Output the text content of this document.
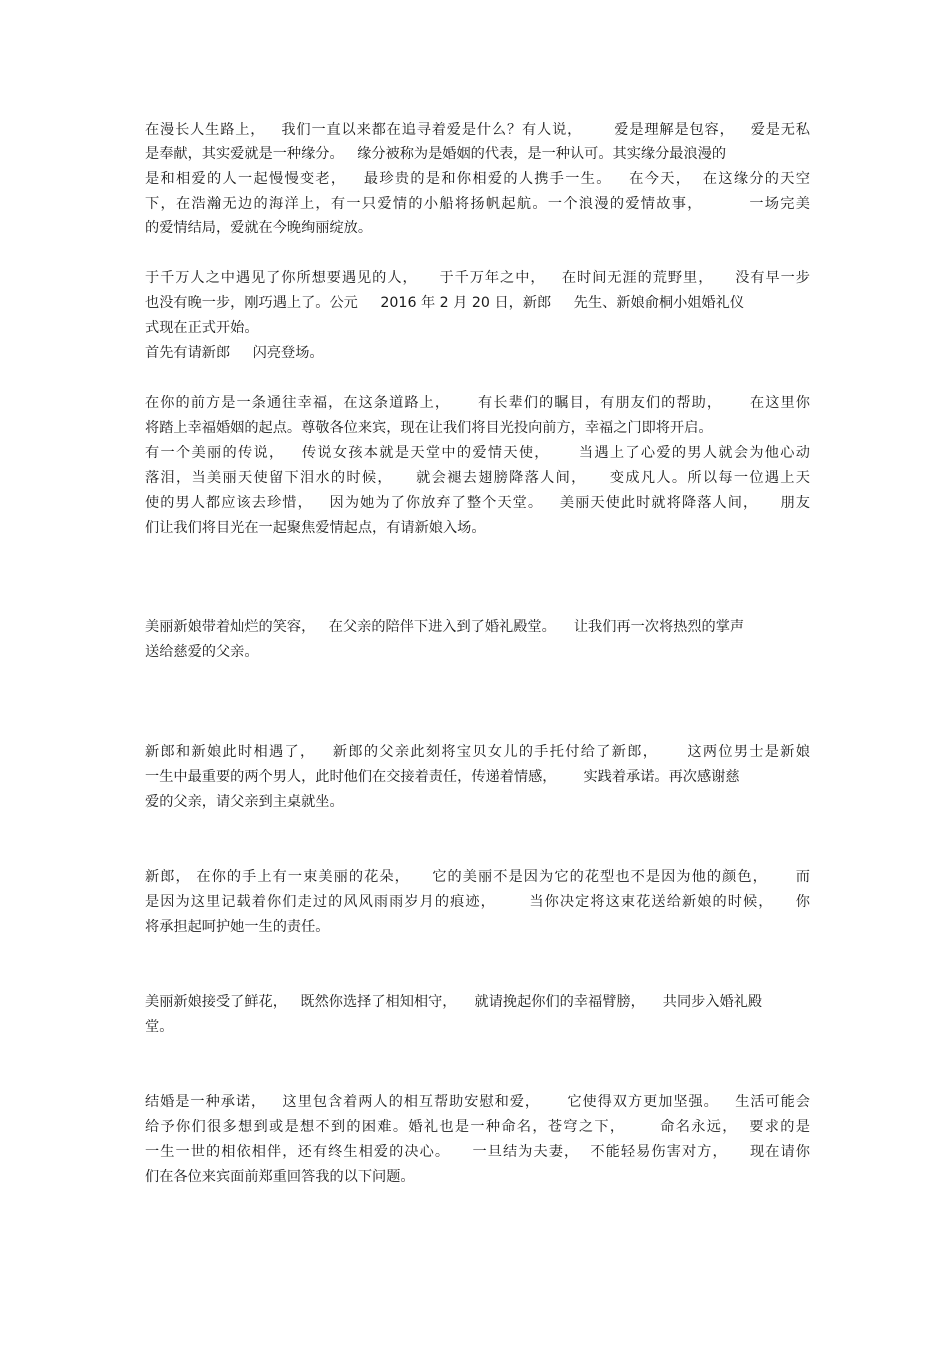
在漫长人生路上，   我们一直以来都在追寻着爱是什么？有人说，      爱是理解是包容，   爱是无私
是奉献，其实爱就是一种缘分。   缘分被称为是婚姻的代表，是一种认可。其实缘分最浪漫的
是和相爱的人一起慢慢变老，   最珍贵的是和你相爱的人携手一生。   在今天，  在这缘分的天空
下，在浩瀚无边的海洋上，有一只爱情的小船将扬帆起航。一个浪漫的爱情故事，        一场完美
的爱情结局，爱就在今晚绚丽绽放。
于千万人之中遇见了你所想要遇见的人，    于千万年之中，   在时间无涯的荒野里，    没有早一步
也没有晚一步，刚巧遇上了。公元     2016 年 2 月 20 日，新郎     先生、新娘俞桐小姐婚礼仪
式现在正式开始。
首先有请新郎     闪亮登场。
在你的前方是一条通往幸福，在这条道路上，     有长辈们的瞩目，有朋友们的帮助，     在这里你
将踏上幸福婚姻的起点。尊敬各位来宾，现在让我们将目光投向前方，幸福之门即将开启。
有一个美丽的传说，   传说女孩本就是天堂中的爱情天使，     当遇上了心爱的男人就会为他心动
落泪，当美丽天使留下泪水的时候，    就会褪去翅膀降落人间，    变成凡人。所以每一位遇上天
使的男人都应该去珍惜，   因为她为了你放弃了整个天堂。   美丽天使此时就将降落人间，    朋友
们让我们将目光在一起聚焦爱情起点，有请新娘入场。
美丽新娘带着灿烂的笑容，   在父亲的陪伴下进入到了婚礼殿堂。    让我们再一次将热烈的掌声
送给慈爱的父亲。
新郎和新娘此时相遇了，   新郎的父亲此刻将宝贝女儿的手托付给了新郎，     这两位男士是新娘
一生中最重要的两个男人，此时他们在交接着责任，传递着情感，      实践着承诺。再次感谢慈
爱的父亲，请父亲到主桌就坐。
新郎， 在你的手上有一束美丽的花朵，    它的美丽不是因为它的花型也不是因为他的颜色，     而
是因为这里记载着你们走过的风风雨雨岁月的痕迹，      当你决定将这束花送给新娘的时候，    你
将承担起呵护她一生的责任。
美丽新娘接受了鲜花，   既然你选择了相知相守，    就请挽起你们的幸福臂膀，    共同步入婚礼殿
堂。
结婚是一种承诺，   这里包含着两人的相互帮助安慰和爱，     它使得双方更加坚强。   生活可能会
给予你们很多想到或是想不到的困难。婚礼也是一种命名，苍穹之下，      命名永远，  要求的是
一生一世的相依相伴，还有终生相爱的决心。    一旦结为夫妻，  不能轻易伤害对方，    现在请你
们在各位来宾面前郑重回答我的以下问题。
